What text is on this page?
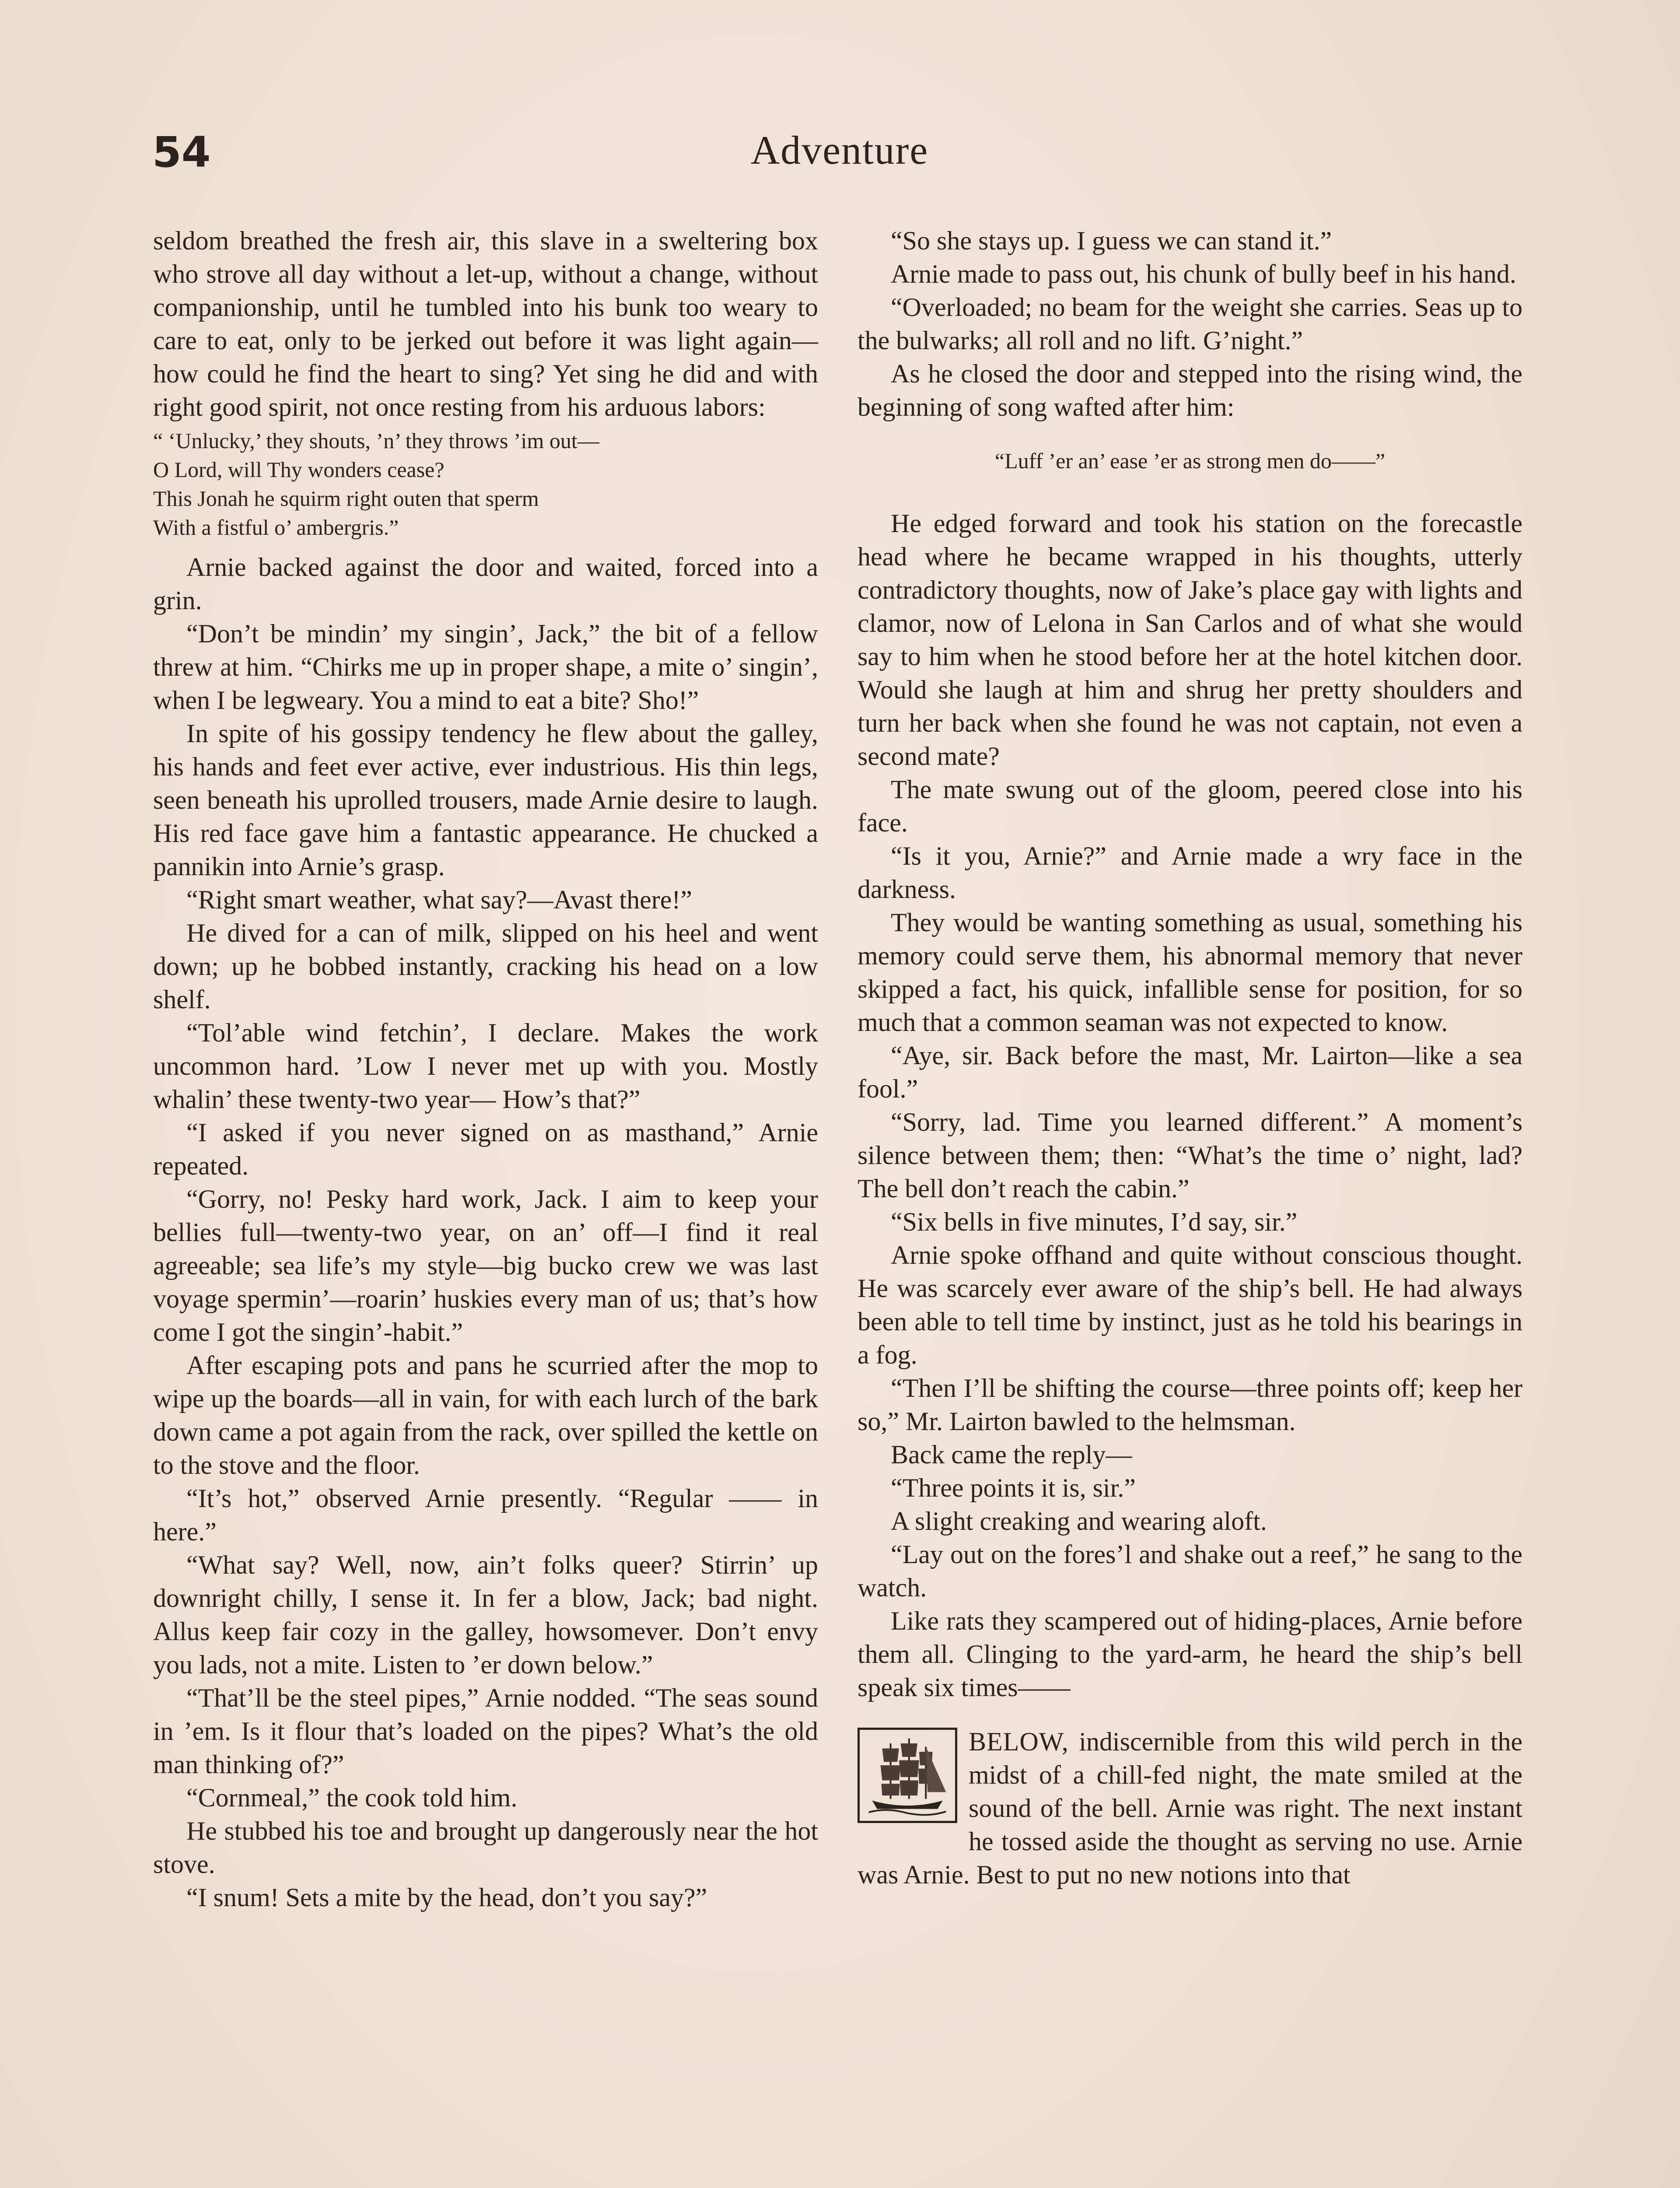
54	Adventure

seldom breathed the fresh air, this slave in a sweltering box who strove all day without a let-up, without a change, without companionship, until he tumbled into his bunk too weary to care to eat, only to be jerked out before it was light again—how could he find the heart to sing? Yet sing he did and with right good spirit, not once resting from his arduous labors:

“ ‘Unlucky,’ they shouts, ’n’ they throws ’im out—
O Lord, will Thy wonders cease?
This Jonah he squirm right outen that sperm
With a fistful o’ ambergris.”

Arnie backed against the door and waited, forced into a grin.

“Don’t be mindin’ my singin’, Jack,” the bit of a fellow threw at him. “Chirks me up in proper shape, a mite o’ singin’, when I be legweary. You a mind to eat a bite? Sho!”

In spite of his gossipy tendency he flew about the galley, his hands and feet ever active, ever industrious. His thin legs, seen beneath his uprolled trousers, made Arnie desire to laugh. His red face gave him a fantastic appearance. He chucked a pannikin into Arnie’s grasp.

“Right smart weather, what say?—Avast there!”

He dived for a can of milk, slipped on his heel and went down; up he bobbed instantly, cracking his head on a low shelf.

“Tol’able wind fetchin’, I declare. Makes the work uncommon hard. ’Low I never met up with you. Mostly whalin’ these twenty-two year— How’s that?”

“I asked if you never signed on as masthand,” Arnie repeated.

“Gorry, no! Pesky hard work, Jack. I aim to keep your bellies full—twenty-two year, on an’ off—I find it real agreeable; sea life’s my style—big bucko crew we was last voyage spermin’—roarin’ huskies every man of us; that’s how come I got the singin’-habit.”

After escaping pots and pans he scurried after the mop to wipe up the boards—all in vain, for with each lurch of the bark down came a pot again from the rack, over spilled the kettle on to the stove and the floor.

“It’s hot,” observed Arnie presently. “Regular —— in here.”

“What say? Well, now, ain’t folks queer? Stirrin’ up downright chilly, I sense it. In fer a blow, Jack; bad night. Allus keep fair cozy in the galley, howsomever. Don’t envy you lads, not a mite. Listen to ’er down below.”

“That’ll be the steel pipes,” Arnie nodded. “The seas sound in ’em. Is it flour that’s loaded on the pipes? What’s the old man thinking of?”

“Cornmeal,” the cook told him.

He stubbed his toe and brought up dangerously near the hot stove.

“I snum! Sets a mite by the head, don’t you say?”

“So she stays up. I guess we can stand it.”

Arnie made to pass out, his chunk of bully beef in his hand.

“Overloaded; no beam for the weight she carries. Seas up to the bulwarks; all roll and no lift. G’night.”

As he closed the door and stepped into the rising wind, the beginning of song wafted after him:

“Luff ’er an’ ease ’er as strong men do——”

He edged forward and took his station on the forecastle head where he became wrapped in his thoughts, utterly contradictory thoughts, now of Jake’s place gay with lights and clamor, now of Lelona in San Carlos and of what she would say to him when he stood before her at the hotel kitchen door. Would she laugh at him and shrug her pretty shoulders and turn her back when she found he was not captain, not even a second mate?

The mate swung out of the gloom, peered close into his face.

“Is it you, Arnie?” and Arnie made a wry face in the darkness.

They would be wanting something as usual, something his memory could serve them, his abnormal memory that never skipped a fact, his quick, infallible sense for position, for so much that a common seaman was not expected to know.

“Aye, sir. Back before the mast, Mr. Lairton—like a sea fool.”

“Sorry, lad. Time you learned different.” A moment’s silence between them; then: “What’s the time o’ night, lad? The bell don’t reach the cabin.”

“Six bells in five minutes, I’d say, sir.”

Arnie spoke offhand and quite without conscious thought. He was scarcely ever aware of the ship’s bell. He had always been able to tell time by instinct, just as he told his bearings in a fog.

“Then I’ll be shifting the course—three points off; keep her so,” Mr. Lairton bawled to the helmsman.

Back came the reply—

“Three points it is, sir.”

A slight creaking and wearing aloft.

“Lay out on the fores’l and shake out a reef,” he sang to the watch.

Like rats they scampered out of hiding-places, Arnie before them all. Clinging to the yard-arm, he heard the ship’s bell speak six times——

BELOW, indiscernible from this wild perch in the midst of a chill-fed night, the mate smiled at the sound of the bell. Arnie was right. The next instant he tossed aside the thought as serving no use. Arnie was Arnie. Best to put no new notions into that
